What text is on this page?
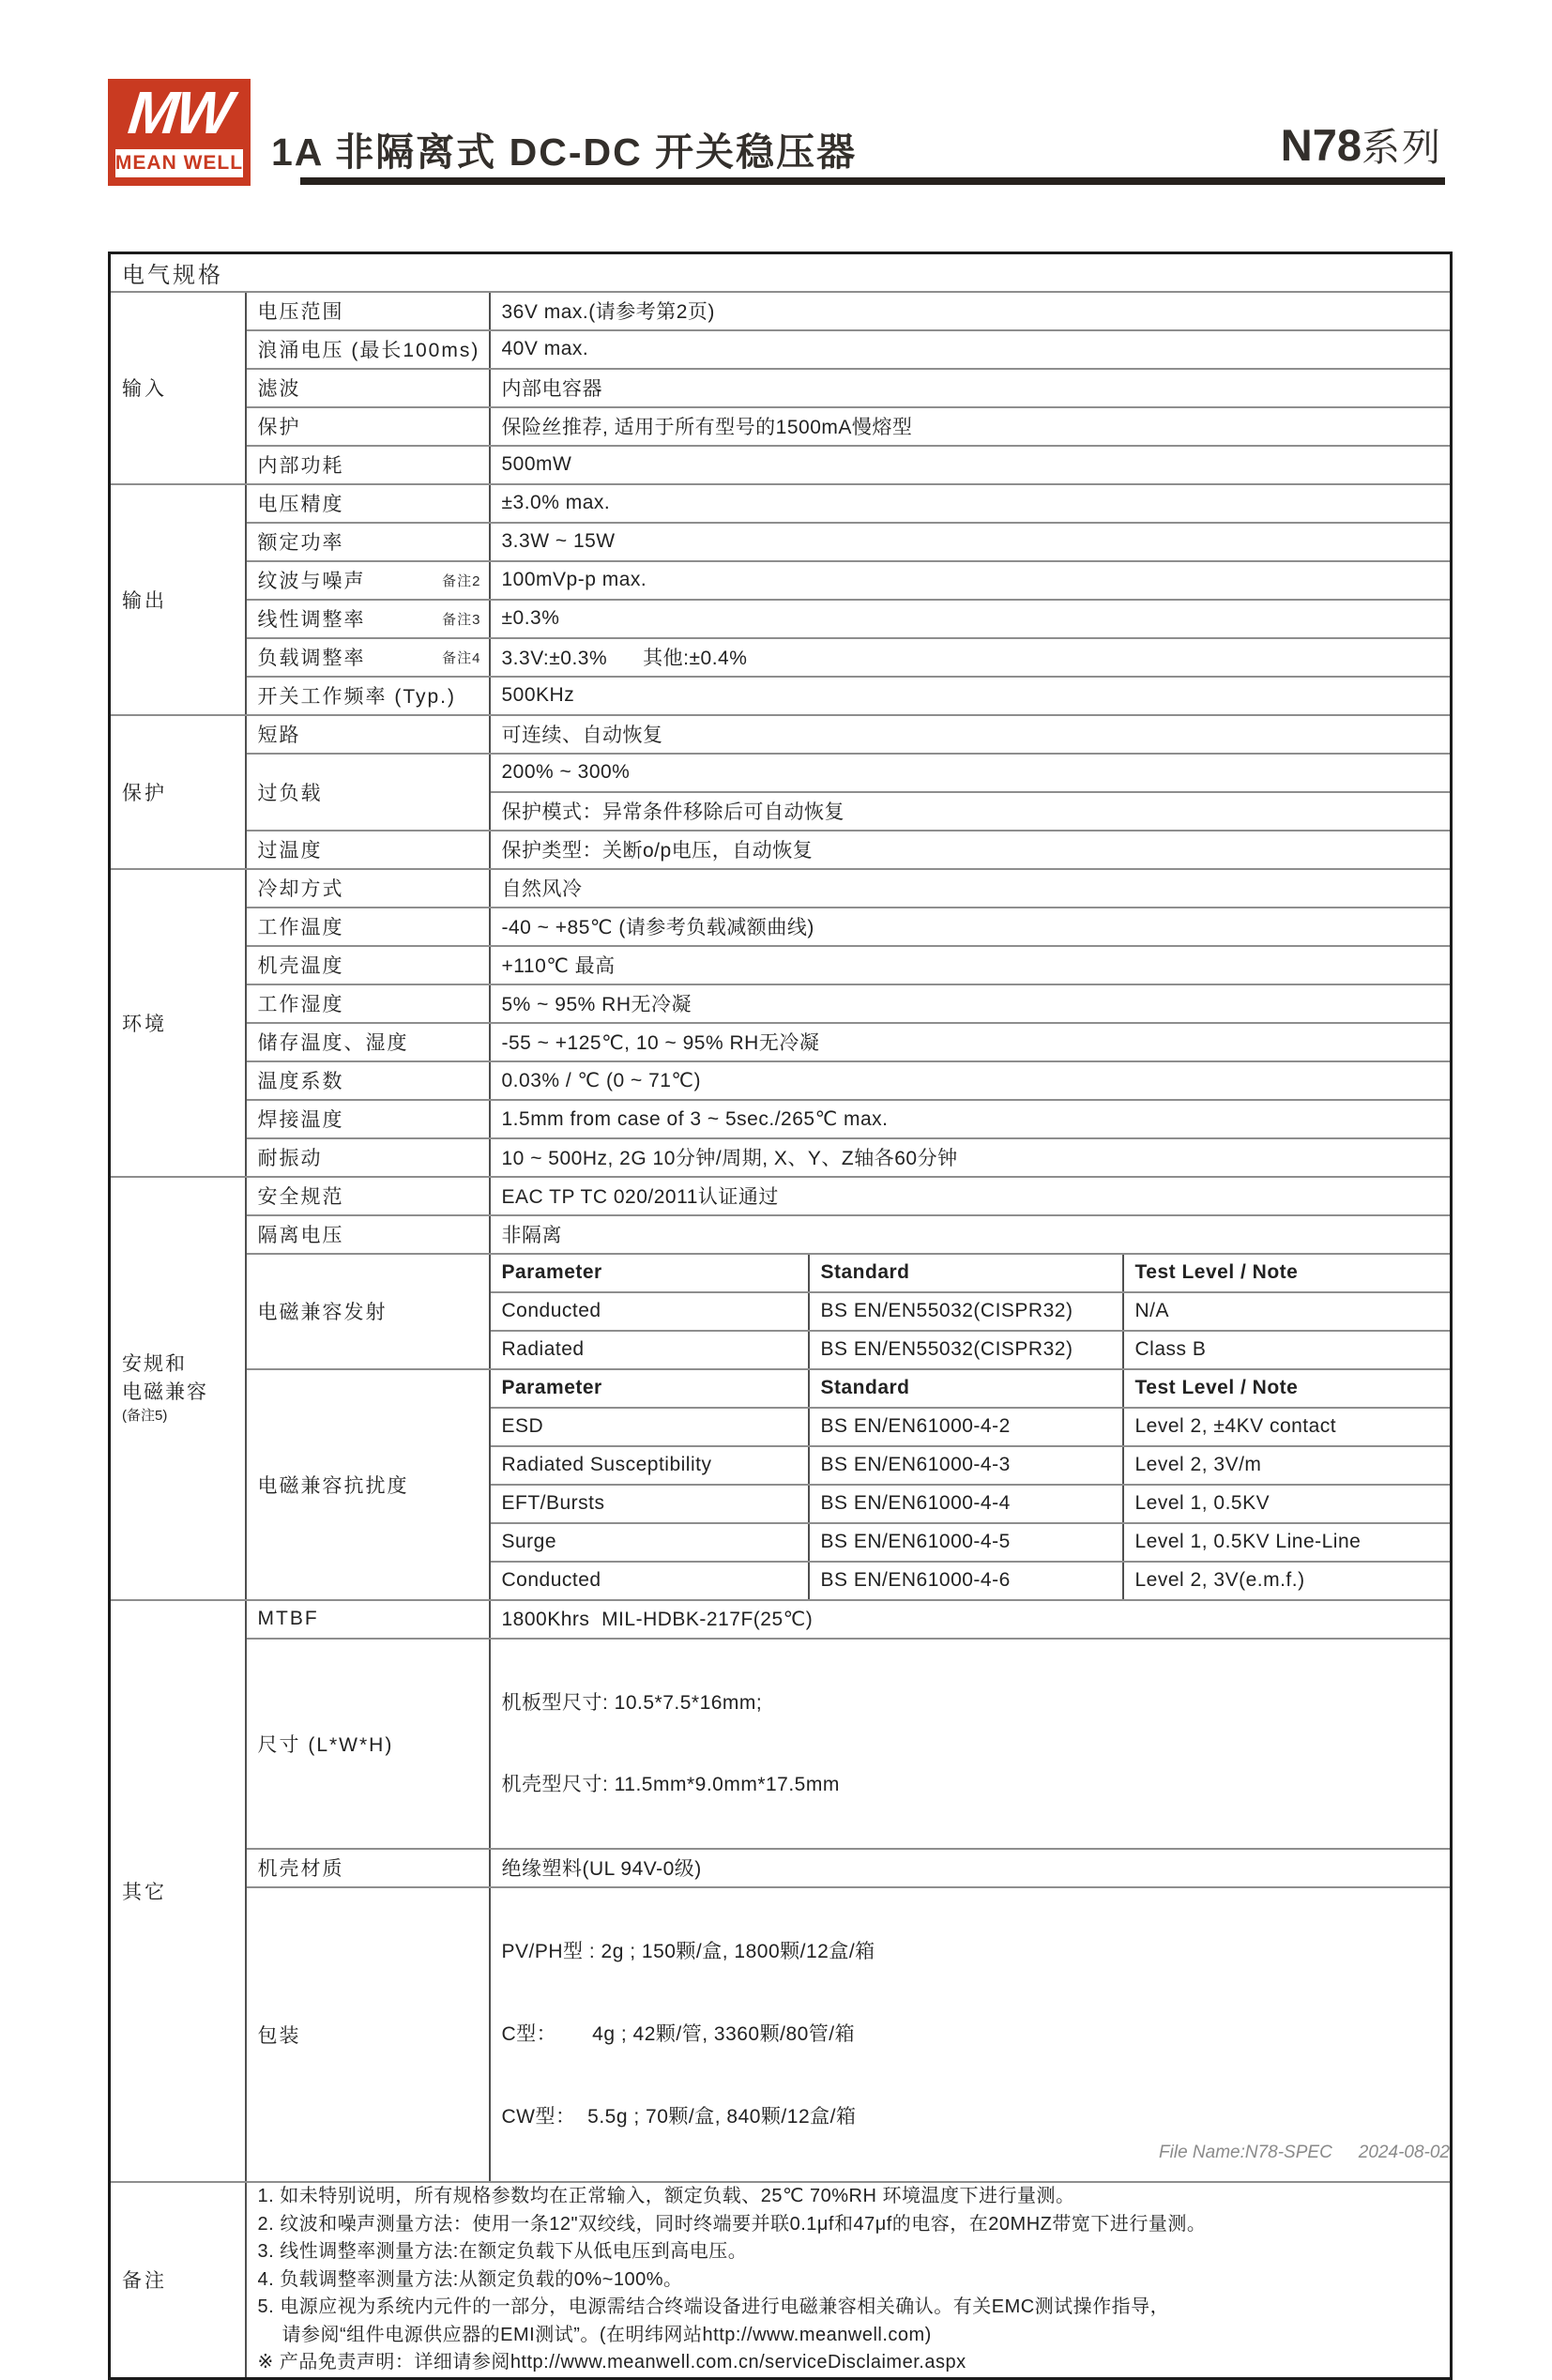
MW
MEAN WELL 1A 非隔离式 DC-DC 开关稳压器	N78系列
电气规格				
输入	电压范围	36V max.(请参考第2页)		
	浪涌电压 (最长100ms)	40V max.		
	滤波	内部电容器		
	保护	保险丝推荐, 适用于所有型号的1500mA慢熔型		
	内部功耗	500mW		
输出	电压精度	±3.0% max.		
	额定功率	3.3W ~ 15W		

	纹波与噪声 备注2	100mVp-p max.		

	线性调整率 备注3	±0.3%		

	负载调整率 备注4	3.3V:±0.3%      其他:±0.4%		
	开关工作频率 (Typ.)	500KHz		
保护	短路	可连续、自动恢复		
	过负载	200% ~ 300%		
		保护模式：异常条件移除后可自动恢复		
	过温度	保护类型：关断o/p电压，自动恢复		
环境	冷却方式	自然风冷		
	工作温度	-40 ~ +85℃ (请参考负载减额曲线)		
	机壳温度	+110℃ 最高		
	工作湿度	5% ~ 95% RH无冷凝		
	储存温度、湿度	-55 ~ +125℃, 10 ~ 95% RH无冷凝		
	温度系数	0.03% / ℃ (0 ~ 71℃)		
	焊接温度	1.5mm from case of 3 ~ 5sec./265℃ max.		
	耐振动	10 ~ 500Hz, 2G 10分钟/周期, X、Y、Z轴各60分钟		

安规和
电磁兼容
(备注5)	安全规范	EAC TP TC 020/2011认证通过		
	隔离电压	非隔离		
	电磁兼容发射	Parameter	Standard	Test Level / Note
		Conducted	BS EN/EN55032(CISPR32)	N/A
		Radiated	BS EN/EN55032(CISPR32)	Class B
	电磁兼容抗扰度	Parameter	Standard	Test Level / Note
		ESD	BS EN/EN61000-4-2	Level 2, ±4KV contact
		Radiated Susceptibility	BS EN/EN61000-4-3	Level 2, 3V/m
		EFT/Bursts	BS EN/EN61000-4-4	Level 1, 0.5KV
		Surge	BS EN/EN61000-4-5	Level 1, 0.5KV Line-Line
		Conducted	BS EN/EN61000-4-6	Level 2, 3V(e.m.f.)
其它	MTBF	1800Khrs  MIL-HDBK-217F(25℃)		
	尺寸 (L*W*H)	机板型尺寸: 10.5*7.5*16mm;

机壳型尺寸: 11.5mm*9.0mm*17.5mm		

	机壳材质	绝缘塑料(UL 94V-0级)		
	包装	PV/PH型 : 2g ; 150颗/盒, 1800颗/12盒/箱

C型：      4g ; 42颗/管, 3360颗/80管/箱

CW型：  5.5g ; 70颗/盒, 840颗/12盒/箱		

备注	
1. 如未特别说明，所有规格参数均在正常输入，额定负载、25℃ 70%RH 环境温度下进行量测。
2. 纹波和噪声测量方法：使用一条12"双绞线，同时终端要并联0.1μf和47μf的电容，在20MHZ带宽下进行量测。
3. 线性调整率测量方法:在额定负载下从低电压到高电压。
4. 负载调整率测量方法:从额定负载的0%~100%。
5. 电源应视为系统内元件的一部分，电源需结合终端设备进行电磁兼容相关确认。有关EMC测试操作指导，
请参阅“组件电源供应器的EMI测试”。(在明纬网站http://www.meanwell.com)
※ 产品免责声明：详细请参阅http://www.meanwell.com.cn/serviceDisclaimer.aspx
File Name:N78-SPEC 2024-08-02
